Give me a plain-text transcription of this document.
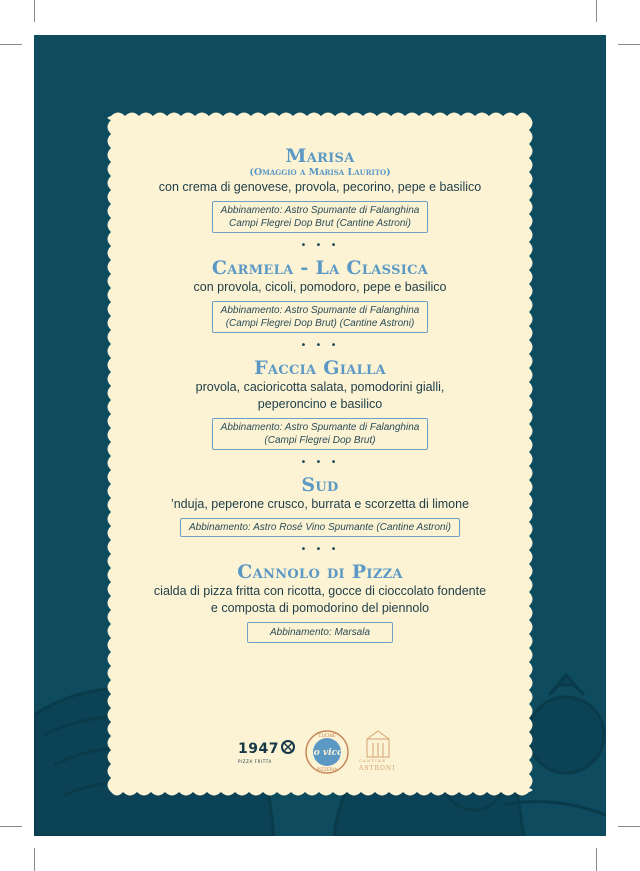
Marisa
(Omaggio a Marisa Laurito)

con crema di genovese, provola, pecorino, pepe e basilico

Abbinamento: Astro Spumante di Falanghina
Campi Flegrei Dop Brut (Cantine Astroni)
• • •
Carmela - La Classica

con provola, cicoli, pomodoro, pepe e basilico

Abbinamento: Astro Spumante di Falanghina
(Campi Flegrei Dop Brut) (Cantine Astroni)
• • •
Faccia Gialla

provola, cacioricotta salata, pomodorini gialli,

peperoncino e basilico

Abbinamento: Astro Spumante di Falanghina
(Campi Flegrei Dop Brut)
• • •
Sud

’nduja, peperone crusco, burrata e scorzetta di limone

Abbinamento: Astro Rosé Vino Spumante (Cantine Astroni)
• • •
Cannolo di Pizza

cialda di pizza fritta con ricotta, gocce di cioccolato fondente

e composta di pomodorino del piennolo

Abbinamento: Marsala
1947
PIZZA FRITTA
'o vico
CUCINE
PIZZERIA
CANTINE
ASTRONI
